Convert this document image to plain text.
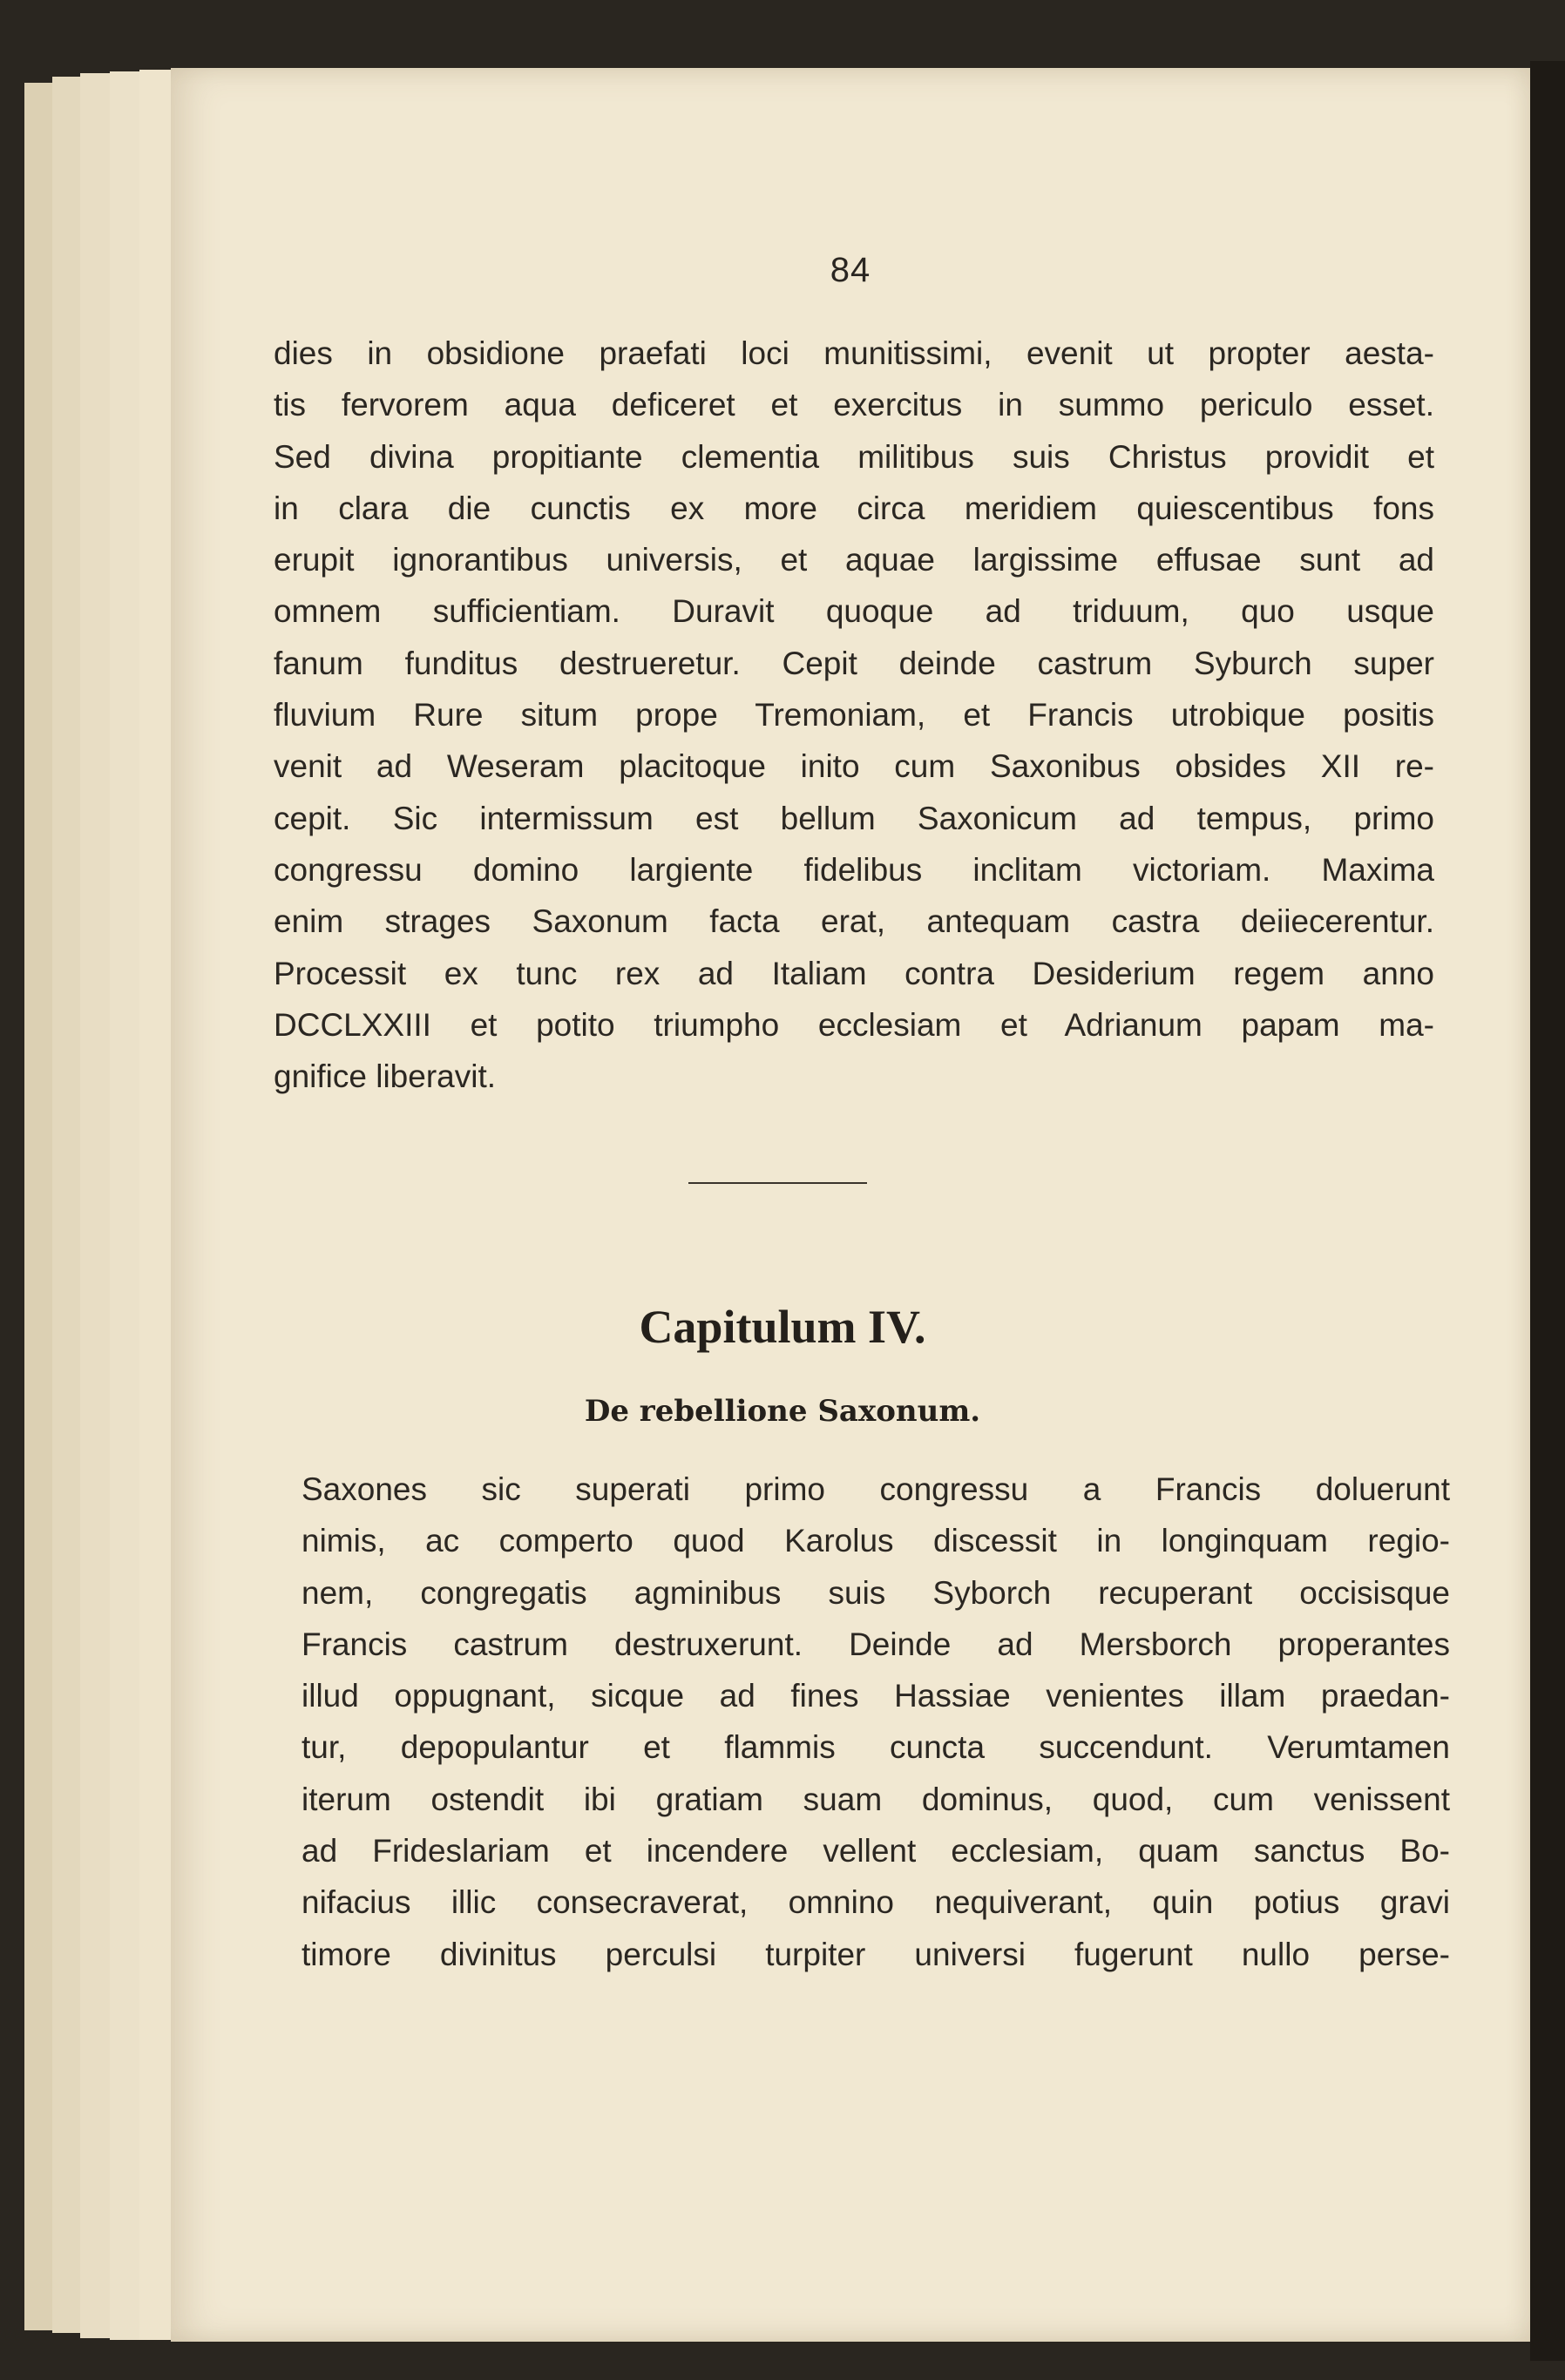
84
dies in obsidione praefati loci munitissimi, evenit ut propter aesta-
tis fervorem aqua deficeret et exercitus in summo periculo esset.
Sed divina propitiante clementia militibus suis Christus providit et
in clara die cunctis ex more circa meridiem quiescentibus fons
erupit ignorantibus universis, et aquae largissime effusae sunt ad
omnem sufficientiam. Duravit quoque ad triduum, quo usque
fanum funditus destrueretur. Cepit deinde castrum Syburch super
fluvium Rure situm prope Tremoniam, et Francis utrobique positis
venit ad Weseram placitoque inito cum Saxonibus obsides XII re-
cepit. Sic intermissum est bellum Saxonicum ad tempus, primo
congressu domino largiente fidelibus inclitam victoriam. Maxima
enim strages Saxonum facta erat, antequam castra deiiecerentur.
Processit ex tunc rex ad Italiam contra Desiderium regem anno
DCCLXXIII et potito triumpho ecclesiam et Adrianum papam ma-
gnifice liberavit.
Capitulum IV.
De rebellione Saxonum.
Saxones sic superati primo congressu a Francis doluerunt
nimis, ac comperto quod Karolus discessit in longinquam regio-
nem, congregatis agminibus suis Syborch recuperant occisisque
Francis castrum destruxerunt. Deinde ad Mersborch properantes
illud oppugnant, sicque ad fines Hassiae venientes illam praedan-
tur, depopulantur et flammis cuncta succendunt. Verumtamen
iterum ostendit ibi gratiam suam dominus, quod, cum venissent
ad Frideslariam et incendere vellent ecclesiam, quam sanctus Bo-
nifacius illic consecraverat, omnino nequiverant, quin potius gravi
timore divinitus perculsi turpiter universi fugerunt nullo perse-
